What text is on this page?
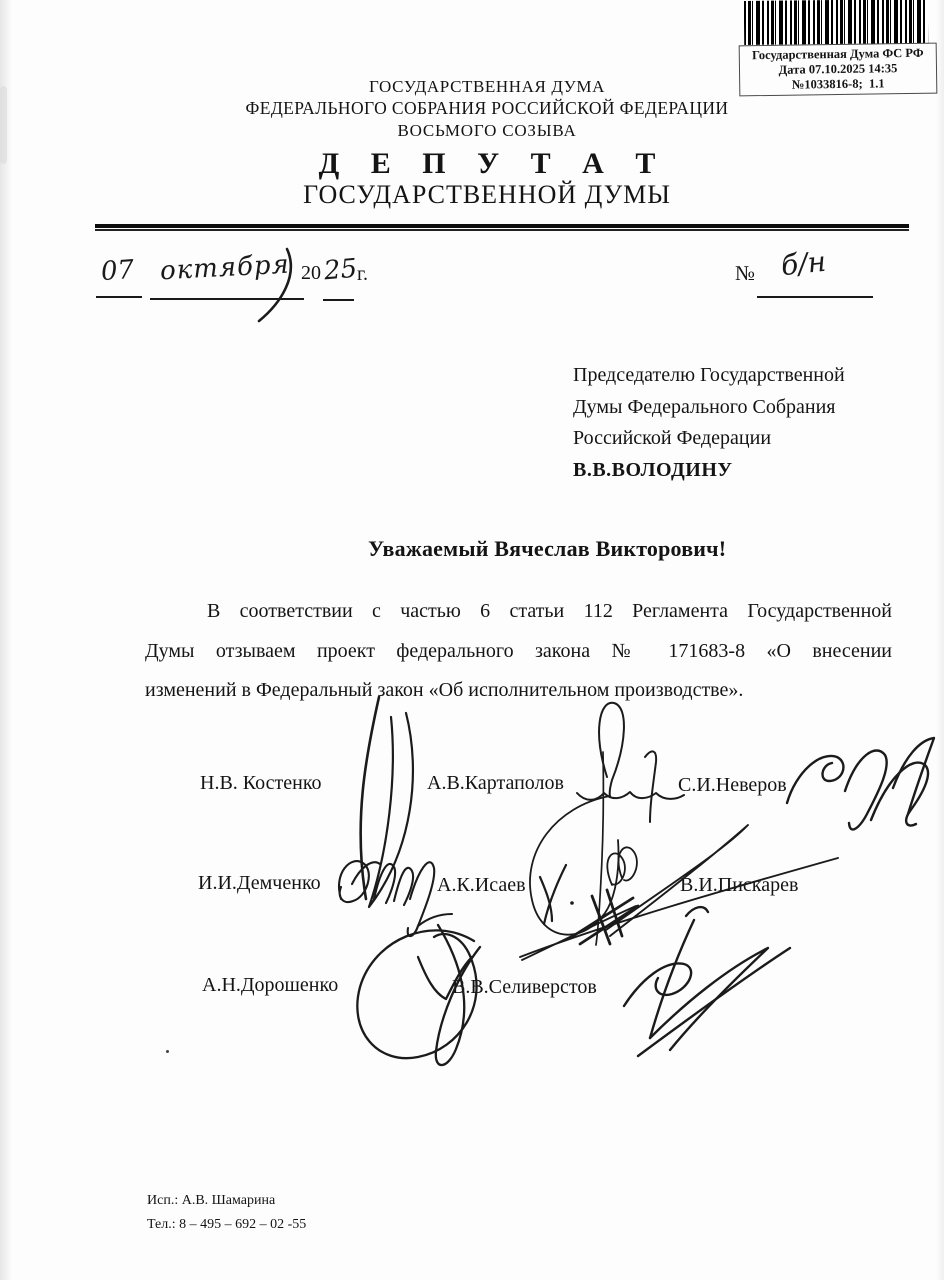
Государственная Дума ФС РФ
Дата 07.10.2025 14:35
№1033816-8;  1.1
ГОСУДАРСТВЕННАЯ ДУМА
ФЕДЕРАЛЬНОГО СОБРАНИЯ РОССИЙСКОЙ ФЕДЕРАЦИИ
ВОСЬМОГО СОЗЫВА
Д Е П У Т А Т
ГОСУДАРСТВЕННОЙ ДУМЫ
07 октября 20 25
г.	№ б/н
Председателю Государственной
Думы Федерального Собрания
Российской Федерации
В.В.ВОЛОДИНУ
Уважаемый Вячеслав Викторович!
В соответствии с частью 6 статьи 112 Регламента Государственной
Думы отзываем проект федерального закона № 171683-8 «О внесении
изменений в Федеральный закон «Об исполнительном производстве».
Н.В. Костенко	А.В.Картаполов	С.И.Неверов
И.И.Демченко	А.К.Исаев	В.И.Пискарев
А.Н.Дорошенко	В.В.Селиверстов
Исп.: А.В. Шамарина
Тел.: 8 – 495 – 692 – 02 -55
